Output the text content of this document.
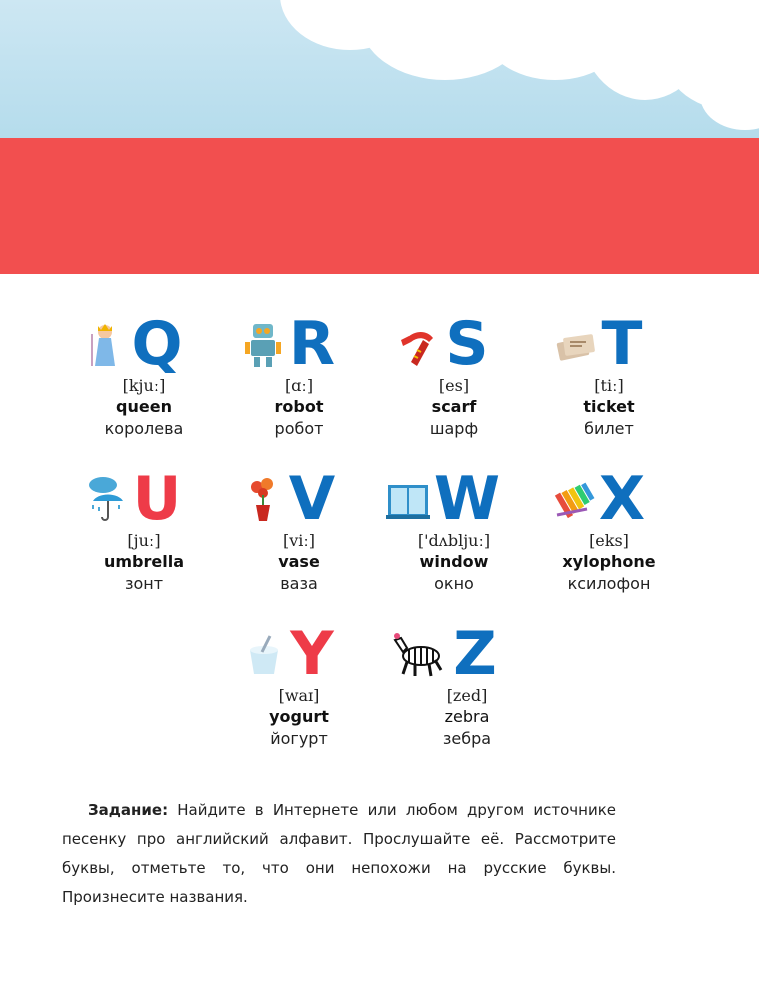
Q
[kjuː]
queen
королева
R
[ɑː]
robot
робот
S
[es]
scarf
шарф
T
[tiː]
ticket
билет
U
[juː]
umbrella
зонт
V
[viː]
vase
ваза
W
['dʌbljuː]
window
окно
X
[eks]
xylophone
ксилофон
Y
[waɪ]
yogurt
йогурт
Z
[zed]
zebra
зебра
Задание: Найдите в Интернете или любом другом источнике песенку про английский алфавит. Прослушайте её. Рассмотрите буквы, отметьте то, что они непохожи на русские буквы. Произнесите названия.
